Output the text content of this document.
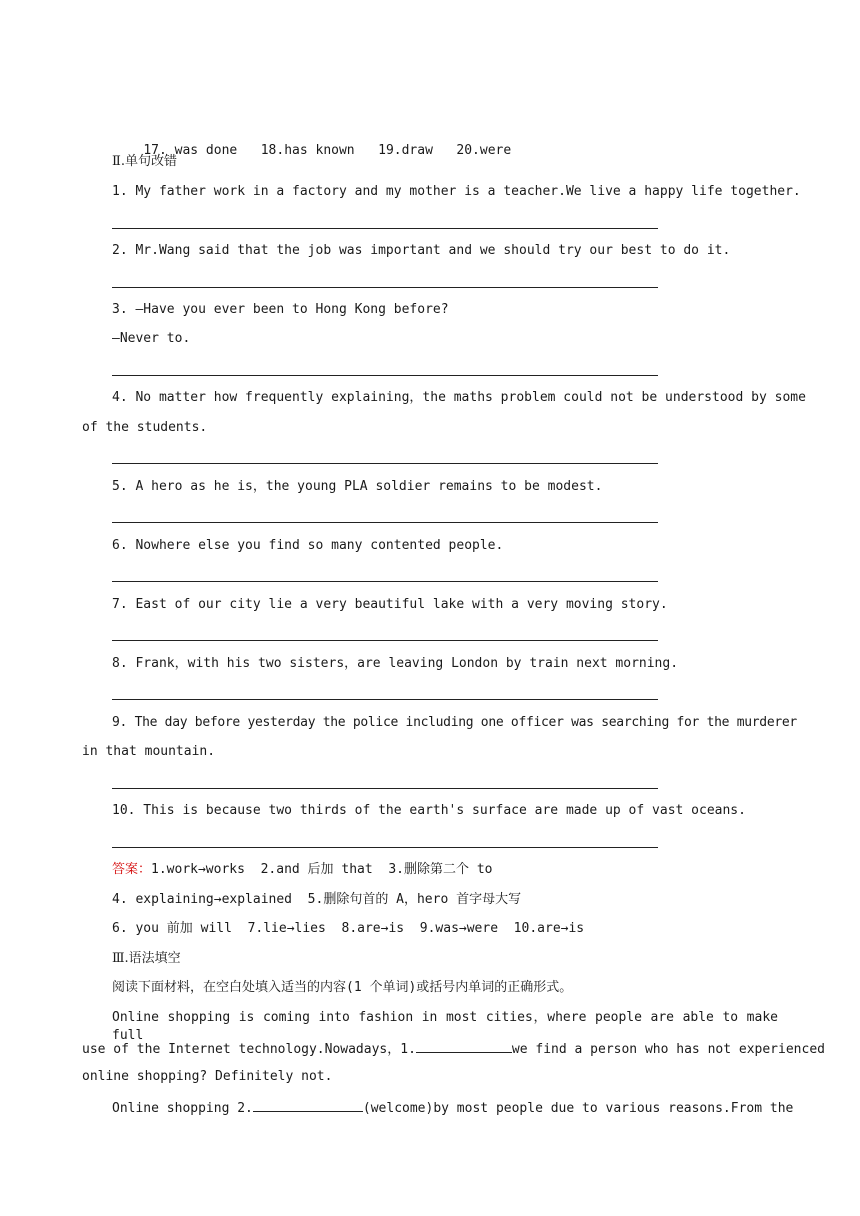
17. was done 18.has known 19.draw 20.were

Ⅱ.单句改错
1. My father work in a factory and my mother is a teacher.We live a happy life together.
2. Mr.Wang said that the job was important and we should try our best to do it.
3. —Have you ever been to Hong Kong before?
—Never to.
4. No matter how frequently explaining，the maths problem could not be understood by some
of the students.
5. A hero as he is，the young PLA soldier remains to be modest.
6. Nowhere else you find so many contented people.
7. East of our city lie a very beautiful lake with a very moving story.
8. Frank，with his two sisters，are leaving London by train next morning.
9. The day before yesterday the police including one officer was searching for the murderer
in that mountain.
10. This is because two thirds of the earth's surface are made up of vast oceans.
答案：1.work→works  2.and 后加 that  3.删除第二个 to
4. explaining→explained  5.删除句首的 A，hero 首字母大写
6. you 前加 will  7.lie→lies  8.are→is  9.was→were  10.are→is
Ⅲ.语法填空
阅读下面材料，在空白处填入适当的内容(1 个单词)或括号内单词的正确形式。
Online shopping is coming into fashion in most cities，where people are able to make full
use of the Internet technology.Nowadays，1.	we find a person who has not experienced
online shopping? Definitely not.
Online shopping 2.	(welcome)by most people due to various reasons.From the
